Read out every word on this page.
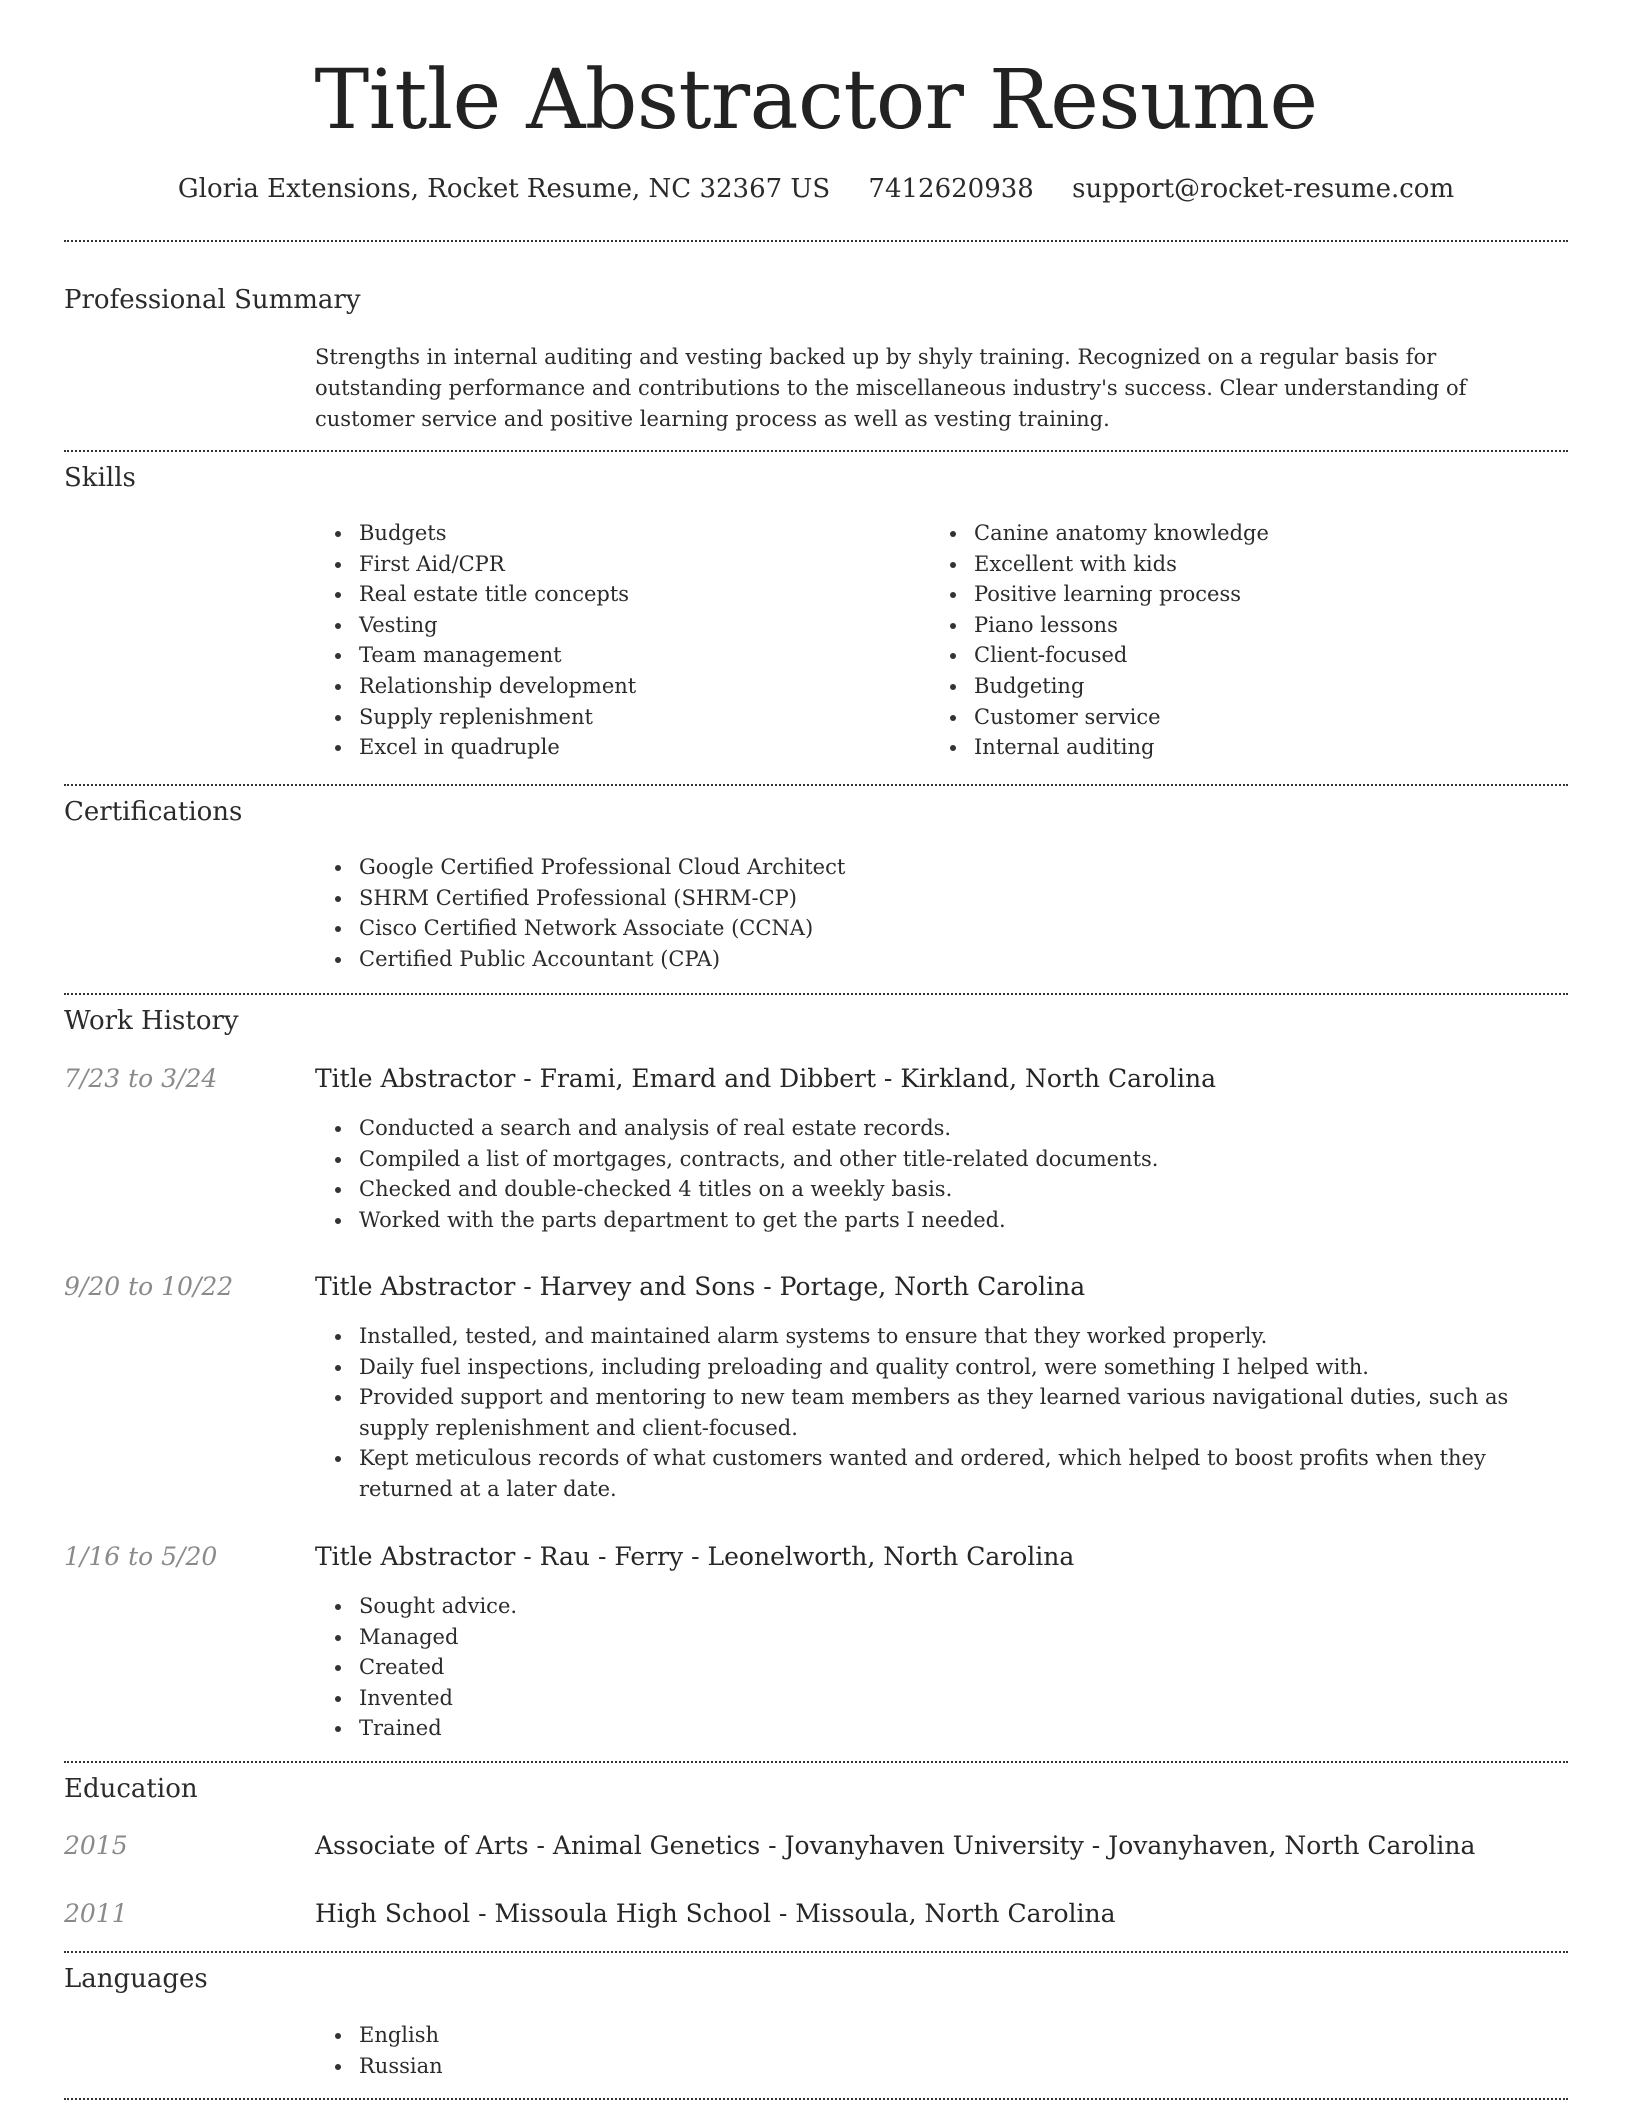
Title Abstractor Resume
Gloria Extensions, Rocket Resume, NC 32367 US 7412620938 support@rocket-resume.com
Professional Summary
Strengths in internal auditing and vesting backed up by shyly training. Recognized on a regular basis for outstanding performance and contributions to the miscellaneous industry's success. Clear understanding of customer service and positive learning process as well as vesting training.
Skills
Budgets
First Aid/CPR
Real estate title concepts
Vesting
Team management
Relationship development
Supply replenishment
Excel in quadruple
Canine anatomy knowledge
Excellent with kids
Positive learning process
Piano lessons
Client-focused
Budgeting
Customer service
Internal auditing
Certifications
Google Certified Professional Cloud Architect
SHRM Certified Professional (SHRM-CP)
Cisco Certified Network Associate (CCNA)
Certified Public Accountant (CPA)
Work History
7/23 to 3/24	Title Abstractor - Frami, Emard and Dibbert - Kirkland, North Carolina
Conducted a search and analysis of real estate records.
Compiled a list of mortgages, contracts, and other title-related documents.
Checked and double-checked 4 titles on a weekly basis.
Worked with the parts department to get the parts I needed.
9/20 to 10/22	Title Abstractor - Harvey and Sons - Portage, North Carolina
Installed, tested, and maintained alarm systems to ensure that they worked properly.
Daily fuel inspections, including preloading and quality control, were something I helped with.
Provided support and mentoring to new team members as they learned various navigational duties, such as supply replenishment and client-focused.
Kept meticulous records of what customers wanted and ordered, which helped to boost profits when they returned at a later date.
1/16 to 5/20	Title Abstractor - Rau - Ferry - Leonelworth, North Carolina
Sought advice.
Managed
Created
Invented
Trained
Education
2015	Associate of Arts - Animal Genetics - Jovanyhaven University - Jovanyhaven, North Carolina
2011	High School - Missoula High School - Missoula, North Carolina
Languages
English
Russian
